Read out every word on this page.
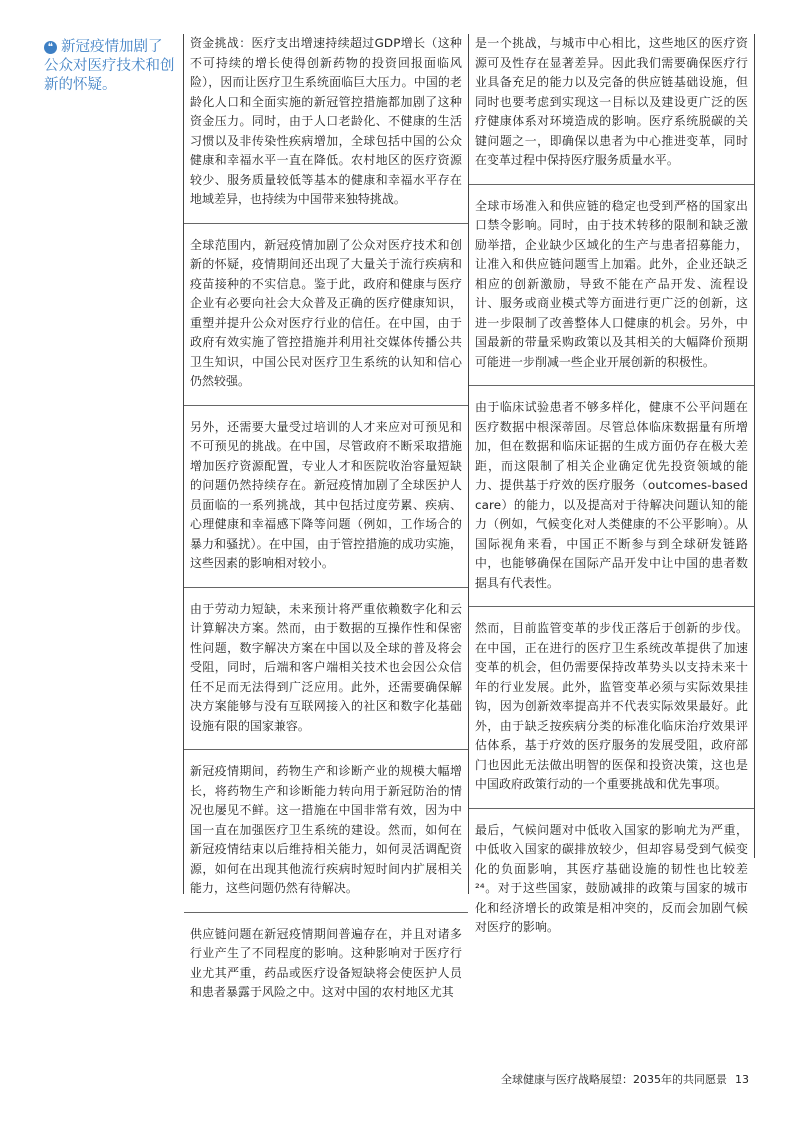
❝ 新冠疫情加剧了公众对医疗技术和创新的怀疑。

资金挑战：医疗支出增速持续超过GDP增长（这种不可持续的增长使得创新药物的投资回报面临风险），因而让医疗卫生系统面临巨大压力。中国的老龄化人口和全面实施的新冠管控措施都加剧了这种资金压力。同时，由于人口老龄化、不健康的生活习惯以及非传染性疾病增加，全球包括中国的公众健康和幸福水平一直在降低。农村地区的医疗资源较少、服务质量较低等基本的健康和幸福水平存在地域差异，也持续为中国带来独特挑战。

全球范围内，新冠疫情加剧了公众对医疗技术和创新的怀疑，疫情期间还出现了大量关于流行疾病和疫苗接种的不实信息。鉴于此，政府和健康与医疗企业有必要向社会大众普及正确的医疗健康知识，重塑并提升公众对医疗行业的信任。在中国，由于政府有效实施了管控措施并利用社交媒体传播公共卫生知识，中国公民对医疗卫生系统的认知和信心仍然较强。

另外，还需要大量受过培训的人才来应对可预见和不可预见的挑战。在中国，尽管政府不断采取措施增加医疗资源配置，专业人才和医院收治容量短缺的问题仍然持续存在。新冠疫情加剧了全球医护人员面临的一系列挑战，其中包括过度劳累、疾病、心理健康和幸福感下降等问题（例如，工作场合的暴力和骚扰）。在中国，由于管控措施的成功实施，这些因素的影响相对较小。

由于劳动力短缺，未来预计将严重依赖数字化和云计算解决方案。然而，由于数据的互操作性和保密性问题，数字解决方案在中国以及全球的普及将会受阻，同时，后端和客户端相关技术也会因公众信任不足而无法得到广泛应用。此外，还需要确保解决方案能够与没有互联网接入的社区和数字化基础设施有限的国家兼容。

新冠疫情期间，药物生产和诊断产业的规模大幅增长，将药物生产和诊断能力转向用于新冠防治的情况也屡见不鲜。这一措施在中国非常有效，因为中国一直在加强医疗卫生系统的建设。然而，如何在新冠疫情结束以后维持相关能力，如何灵活调配资源，如何在出现其他流行疾病时短时间内扩展相关能力，这些问题仍然有待解决。

供应链问题在新冠疫情期间普遍存在，并且对诸多行业产生了不同程度的影响。这种影响对于医疗行业尤其严重，药品或医疗设备短缺将会使医护人员和患者暴露于风险之中。这对中国的农村地区尤其

是一个挑战，与城市中心相比，这些地区的医疗资源可及性存在显著差异。因此我们需要确保医疗行业具备充足的能力以及完备的供应链基础设施，但同时也要考虑到实现这一目标以及建设更广泛的医疗健康体系对环境造成的影响。医疗系统脱碳的关键问题之一，即确保以患者为中心推进变革，同时在变革过程中保持医疗服务质量水平。

全球市场准入和供应链的稳定也受到严格的国家出口禁令影响。同时，由于技术转移的限制和缺乏激励举措，企业缺少区域化的生产与患者招募能力，让准入和供应链问题雪上加霜。此外，企业还缺乏相应的创新激励，导致不能在产品开发、流程设计、服务或商业模式等方面进行更广泛的创新，这进一步限制了改善整体人口健康的机会。另外，中国最新的带量采购政策以及其相关的大幅降价预期可能进一步削减一些企业开展创新的积极性。

由于临床试验患者不够多样化，健康不公平问题在医疗数据中根深蒂固。尽管总体临床数据量有所增加，但在数据和临床证据的生成方面仍存在极大差距，而这限制了相关企业确定优先投资领域的能力、提供基于疗效的医疗服务（outcomes-based care）的能力，以及提高对于待解决问题认知的能力（例如，气候变化对人类健康的不公平影响）。从国际视角来看，中国正不断参与到全球研发链路中，也能够确保在国际产品开发中让中国的患者数据具有代表性。

然而，目前监管变革的步伐正落后于创新的步伐。在中国，正在进行的医疗卫生系统改革提供了加速变革的机会，但仍需要保持改革势头以支持未来十年的行业发展。此外，监管变革必须与实际效果挂钩，因为创新效率提高并不代表实际效果最好。此外，由于缺乏按疾病分类的标准化临床治疗效果评估体系，基于疗效的医疗服务的发展受阻，政府部门也因此无法做出明智的医保和投资决策，这也是中国政府政策行动的一个重要挑战和优先事项。

最后，气候问题对中低收入国家的影响尤为严重，中低收入国家的碳排放较少，但却容易受到气候变化的负面影响，其医疗基础设施的韧性也比较差²⁴。对于这些国家，鼓励减排的政策与国家的城市化和经济增长的政策是相冲突的，反而会加剧气候对医疗的影响。

全球健康与医疗战略展望：2035年的共同愿景 13
